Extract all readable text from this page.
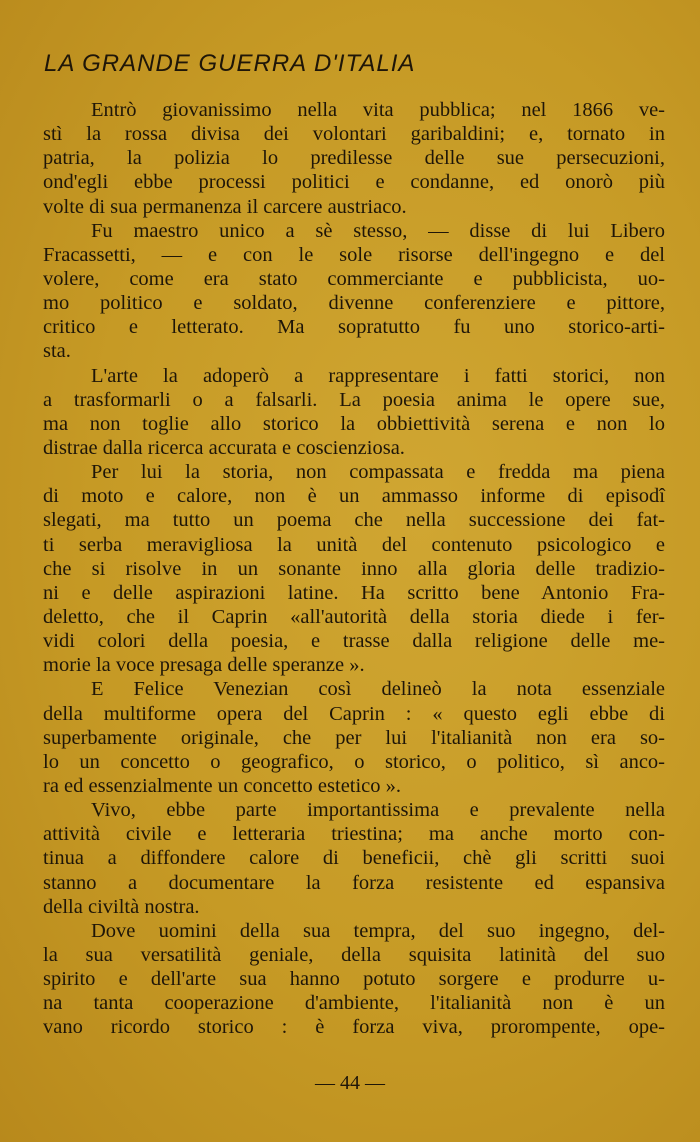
LA GRANDE GUERRA D'ITALIA
Entrò giovanissimo nella vita pubblica; nel 1866 ve-
stì la rossa divisa dei volontari garibaldini; e, tornato in
patria, la polizia lo predilesse delle sue persecuzioni,
ond'egli ebbe processi politici e condanne, ed onorò più
volte di sua permanenza il carcere austriaco.
Fu maestro unico a sè stesso, — disse di lui Libero
Fracassetti, — e con le sole risorse dell'ingegno e del
volere, come era stato commerciante e pubblicista, uo-
mo politico e soldato, divenne conferenziere e pittore,
critico e letterato. Ma sopratutto fu uno storico-arti-
sta.
L'arte la adoperò a rappresentare i fatti storici, non
a trasformarli o a falsarli. La poesia anima le opere sue,
ma non toglie allo storico la obbiettività serena e non lo
distrae dalla ricerca accurata e coscienziosa.
Per lui la storia, non compassata e fredda ma piena
di moto e calore, non è un ammasso informe di episodî
slegati, ma tutto un poema che nella successione dei fat-
ti serba meravigliosa la unità del contenuto psicologico e
che si risolve in un sonante inno alla gloria delle tradizio-
ni e delle aspirazioni latine. Ha scritto bene Antonio Fra-
deletto, che il Caprin «all'autorità della storia diede i fer-
vidi colori della poesia, e trasse dalla religione delle me-
morie la voce presaga delle speranze ».
E Felice Venezian così delineò la nota essenziale
della multiforme opera del Caprin : « questo egli ebbe di
superbamente originale, che per lui l'italianità non era so-
lo un concetto o geografico, o storico, o politico, sì anco-
ra ed essenzialmente un concetto estetico ».
Vivo, ebbe parte importantissima e prevalente nella
attività civile e letteraria triestina; ma anche morto con-
tinua a diffondere calore di beneficii, chè gli scritti suoi
stanno a documentare la forza resistente ed espansiva
della civiltà nostra.
Dove uomini della sua tempra, del suo ingegno, del-
la sua versatilità geniale, della squisita latinità del suo
spirito e dell'arte sua hanno potuto sorgere e produrre u-
na tanta cooperazione d'ambiente, l'italianità non è un
vano ricordo storico : è forza viva, prorompente, ope-
— 44 —
